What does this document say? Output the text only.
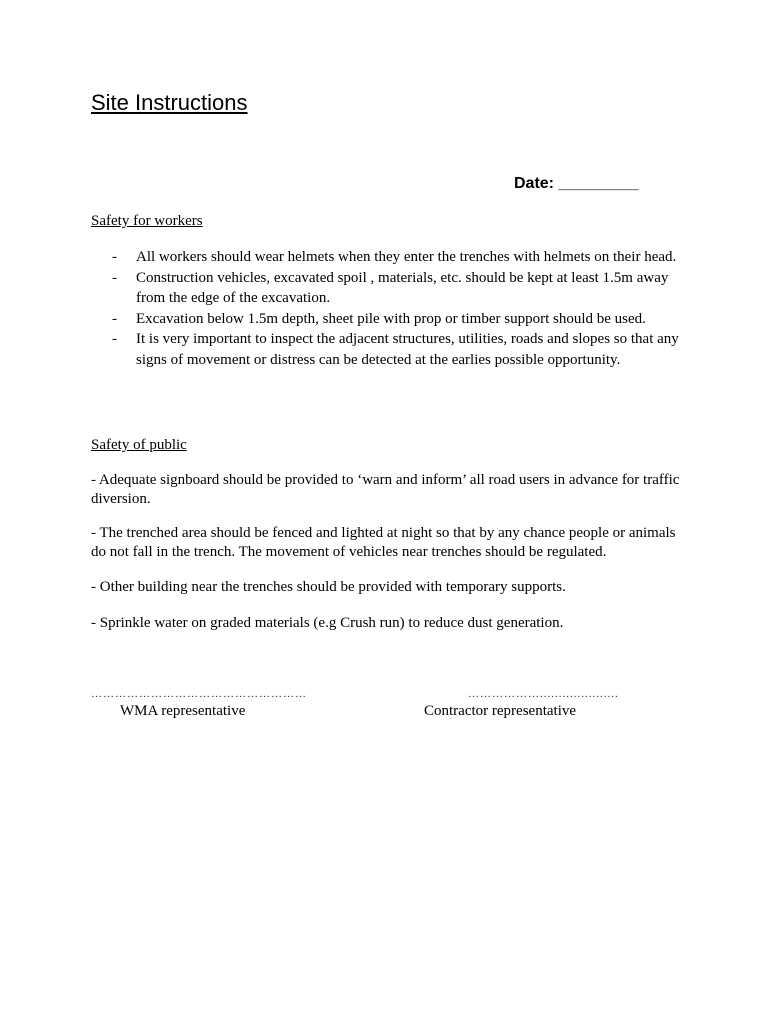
Site Instructions
Date: _________
Safety for workers
- All workers should wear helmets when they enter the trenches with helmets on their head.
- Construction vehicles, excavated spoil , materials, etc. should be kept at least 1.5m away from the edge of the excavation.
- Excavation below 1.5m depth, sheet pile with prop or timber support should be used.
- It is very important to inspect the adjacent structures, utilities, roads and slopes so that any signs of movement or distress can be detected at the earlies possible opportunity.
Safety of public

- Adequate signboard should be provided to ‘warn and inform’ all road users in advance for traffic diversion.

- The trenched area should be fenced and lighted at night so that by any chance people or animals do not fall in the trench. The movement of vehicles near trenches should be regulated.

- Other building near the trenches should be provided with temporary supports.

- Sprinkle water on graded materials (e.g Crush run) to reduce dust generation.

………………………………………………
WMA representative
……………….....................
Contractor representative
